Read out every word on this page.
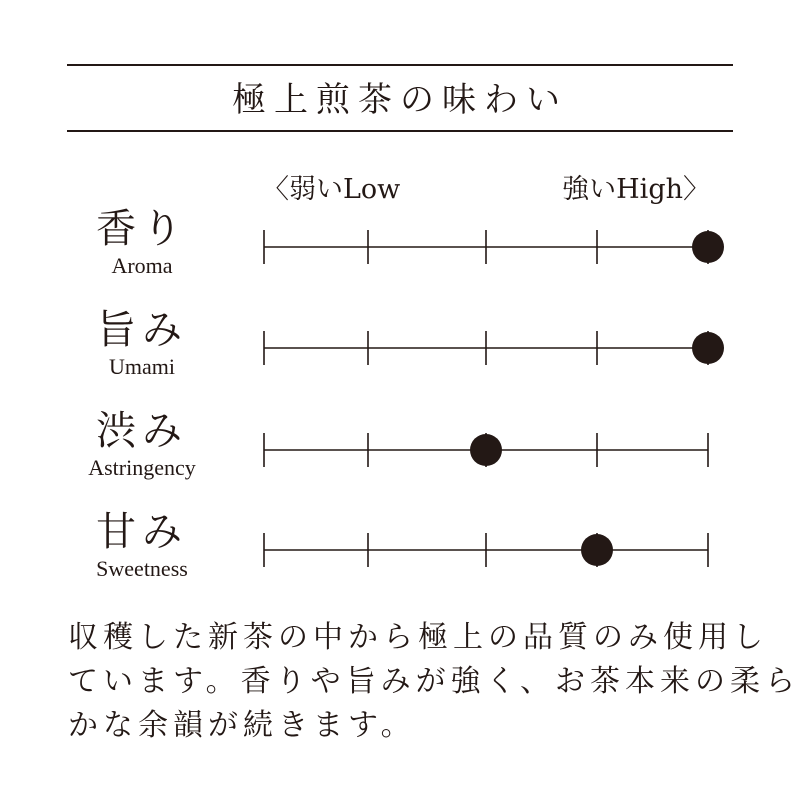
極上煎茶の味わい
〈弱いLow	強いHigh〉
香り
Aroma
旨み
Umami
渋み
Astringency
甘み
Sweetness
収穫した新茶の中から極上の品質のみ使用し
ています。香りや旨みが強く、お茶本来の柔ら
かな余韻が続きます。
